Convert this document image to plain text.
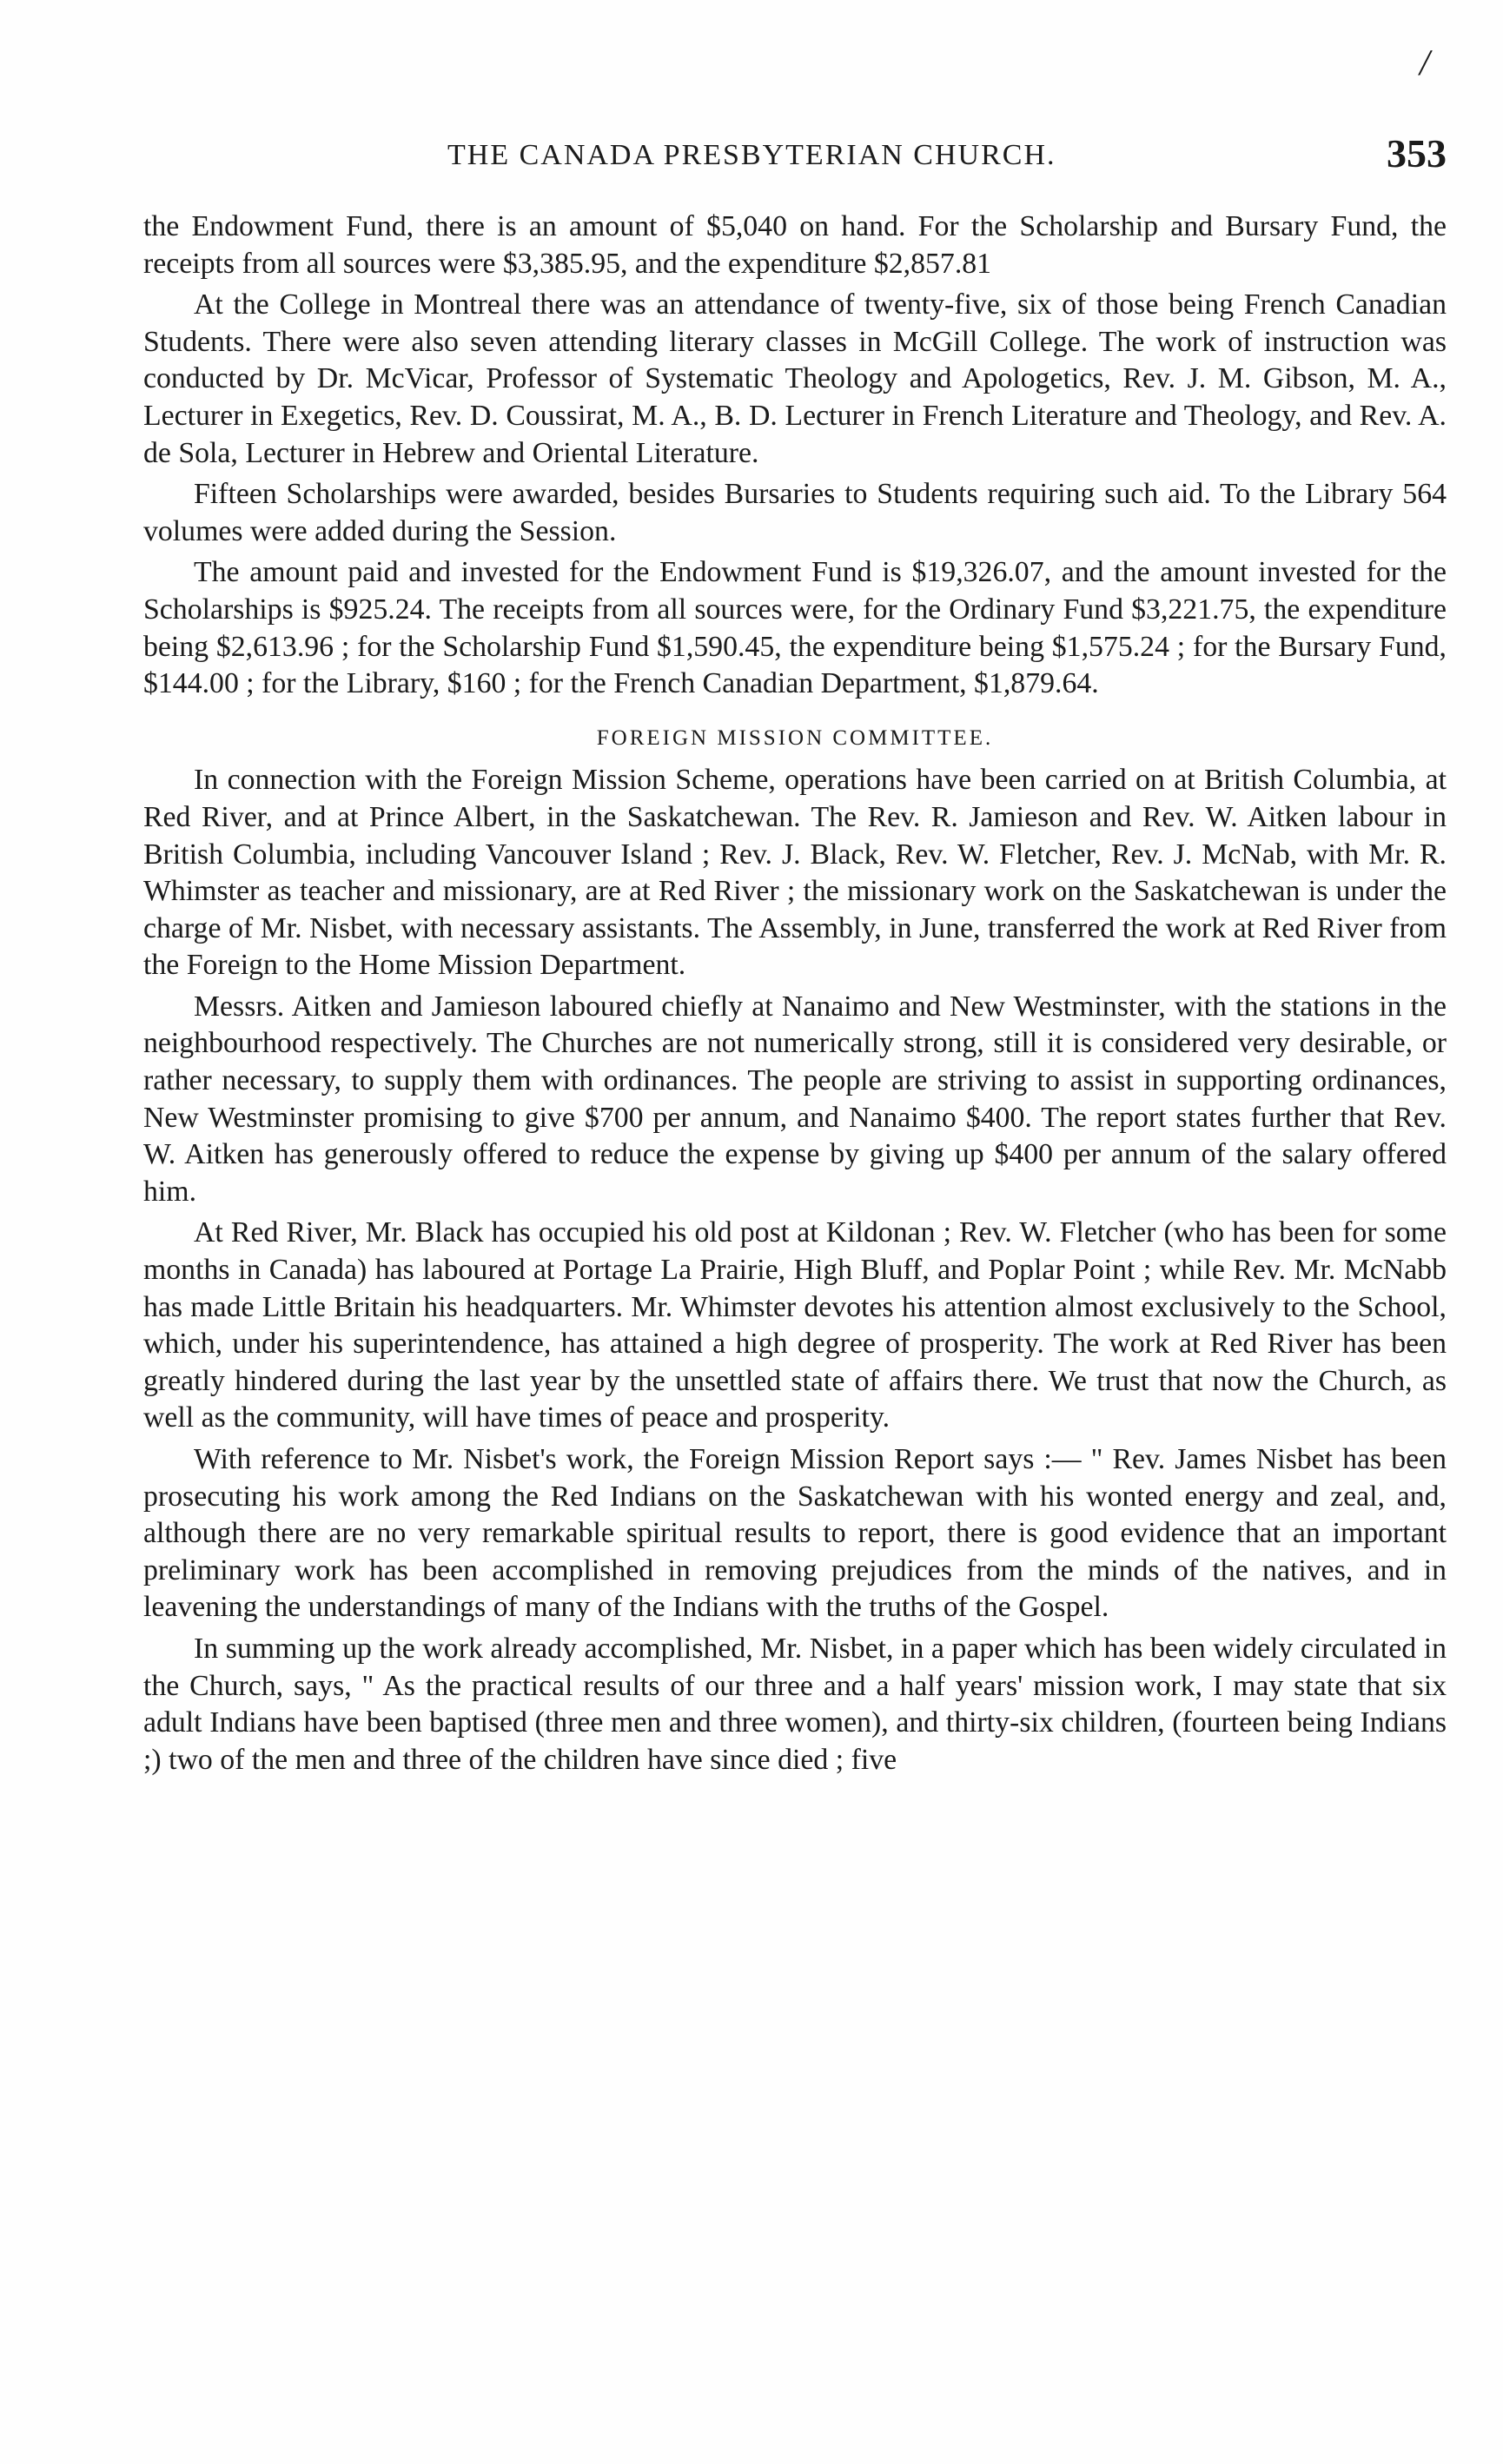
/
THE CANADA PRESBYTERIAN CHURCH.	353

the Endowment Fund, there is an amount of $5,040 on hand. For the Scholarship and Bursary Fund, the receipts from all sources were $3,385.95, and the expenditure $2,857.81

At the College in Montreal there was an attendance of twenty-five, six of those being French Canadian Students. There were also seven attending literary classes in McGill College. The work of instruction was conducted by Dr. McVicar, Professor of Systematic Theology and Apologetics, Rev. J. M. Gibson, M. A., Lecturer in Exegetics, Rev. D. Coussirat, M. A., B. D. Lecturer in French Literature and Theology, and Rev. A. de Sola, Lecturer in Hebrew and Oriental Literature.

Fifteen Scholarships were awarded, besides Bursaries to Students requiring such aid. To the Library 564 volumes were added during the Session.

The amount paid and invested for the Endowment Fund is $19,326.07, and the amount invested for the Scholarships is $925.24. The receipts from all sources were, for the Ordinary Fund $3,221.75, the expenditure being $2,613.96 ; for the Scholarship Fund $1,590.45, the expenditure being $1,575.24 ; for the Bursary Fund, $144.00 ; for the Library, $160 ; for the French Canadian Department, $1,879.64.

FOREIGN MISSION COMMITTEE.

In connection with the Foreign Mission Scheme, operations have been carried on at British Columbia, at Red River, and at Prince Albert, in the Saskatchewan. The Rev. R. Jamieson and Rev. W. Aitken labour in British Columbia, including Vancouver Island ; Rev. J. Black, Rev. W. Fletcher, Rev. J. McNab, with Mr. R. Whimster as teacher and missionary, are at Red River ; the missionary work on the Saskatchewan is under the charge of Mr. Nisbet, with necessary assistants. The Assembly, in June, transferred the work at Red River from the Foreign to the Home Mission Department.

Messrs. Aitken and Jamieson laboured chiefly at Nanaimo and New Westminster, with the stations in the neighbourhood respectively. The Churches are not numerically strong, still it is considered very desirable, or rather necessary, to supply them with ordinances. The people are striving to assist in supporting ordinances, New Westminster promising to give $700 per annum, and Nanaimo $400. The report states further that Rev. W. Aitken has generously offered to reduce the expense by giving up $400 per annum of the salary offered him.

At Red River, Mr. Black has occupied his old post at Kildonan ; Rev. W. Fletcher (who has been for some months in Canada) has laboured at Portage La Prairie, High Bluff, and Poplar Point ; while Rev. Mr. McNabb has made Little Britain his headquarters. Mr. Whimster devotes his attention almost exclusively to the School, which, under his superintendence, has attained a high degree of prosperity. The work at Red River has been greatly hindered during the last year by the unsettled state of affairs there. We trust that now the Church, as well as the community, will have times of peace and prosperity.

With reference to Mr. Nisbet's work, the Foreign Mission Report says :— " Rev. James Nisbet has been prosecuting his work among the Red Indians on the Saskatchewan with his wonted energy and zeal, and, although there are no very remarkable spiritual results to report, there is good evidence that an important preliminary work has been accomplished in removing prejudices from the minds of the natives, and in leavening the understandings of many of the Indians with the truths of the Gospel.

In summing up the work already accomplished, Mr. Nisbet, in a paper which has been widely circulated in the Church, says, " As the practical results of our three and a half years' mission work, I may state that six adult Indians have been baptised (three men and three women), and thirty-six children, (fourteen being Indians ;) two of the men and three of the children have since died ; five
